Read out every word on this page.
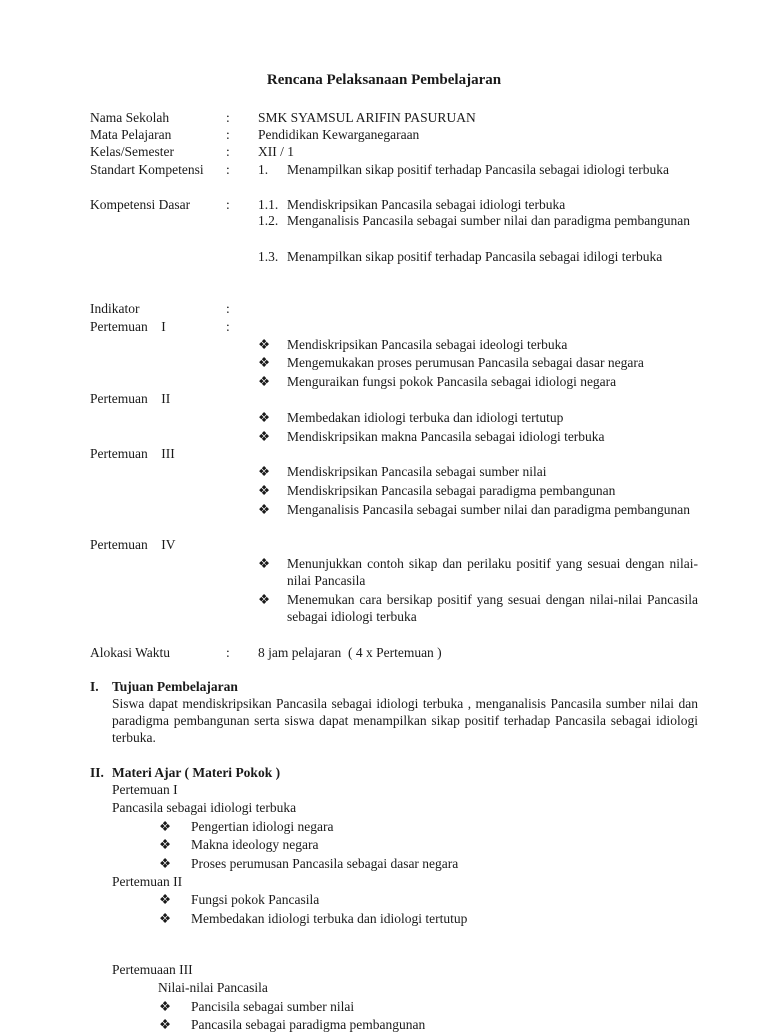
Rencana Pelaksanaan Pembelajaran
Nama Sekolah	: SMK SYAMSUL ARIFIN PASURUAN
Mata Pelajaran	: Pendidikan Kewarganegaraan
Kelas/Semester	: XII / 1
Standart Kompetensi : 1.	Menampilkan sikap positif terhadap Pancasila sebagai idiologi terbuka
Kompetensi Dasar	: 1.1. Mendiskripsikan Pancasila sebagai idiologi terbuka
1.2. Menganalisis Pancasila sebagai sumber nilai dan paradigma pembangunan
1.3. Menampilkan sikap positif terhadap Pancasila sebagai idilogi terbuka
Indikator	:
Pertemuan    I	:
❖ Mendiskripsikan Pancasila sebagai ideologi terbuka
❖ Mengemukakan proses perumusan Pancasila sebagai dasar negara
❖ Menguraikan fungsi pokok Pancasila sebagai idiologi negara
Pertemuan    II
❖ Membedakan idiologi terbuka dan idiologi tertutup
❖ Mendiskripsikan makna Pancasila sebagai idiologi terbuka
Pertemuan    III
❖ Mendiskripsikan Pancasila sebagai sumber nilai
❖ Mendiskripsikan Pancasila sebagai paradigma pembangunan
❖ Menganalisis Pancasila sebagai sumber nilai dan paradigma pembangunan
Pertemuan    IV
❖ Menunjukkan contoh sikap dan perilaku positif yang sesuai dengan nilai-nilai Pancasila
❖ Menemukan cara bersikap positif yang sesuai dengan nilai-nilai Pancasila sebagai idiologi terbuka
Alokasi Waktu	: 8 jam pelajaran  ( 4 x Pertemuan )
I. Tujuan Pembelajaran
Siswa dapat mendiskripsikan Pancasila sebagai idiologi terbuka , menganalisis Pancasila sumber nilai dan paradigma pembangunan serta siswa dapat menampilkan sikap positif terhadap Pancasila sebagai idiologi terbuka.
II. Materi Ajar ( Materi Pokok )
Pertemuan I
Pancasila sebagai idiologi terbuka
❖ Pengertian idiologi negara
❖ Makna ideology negara
❖ Proses perumusan Pancasila sebagai dasar negara
Pertemuan II
❖ Fungsi pokok Pancasila
❖ Membedakan idiologi terbuka dan idiologi tertutup
Pertemuaan III
Nilai-nilai Pancasila
❖ Pancisila sebagai sumber nilai
❖ Pancasila sebagai paradigma pembangunan
